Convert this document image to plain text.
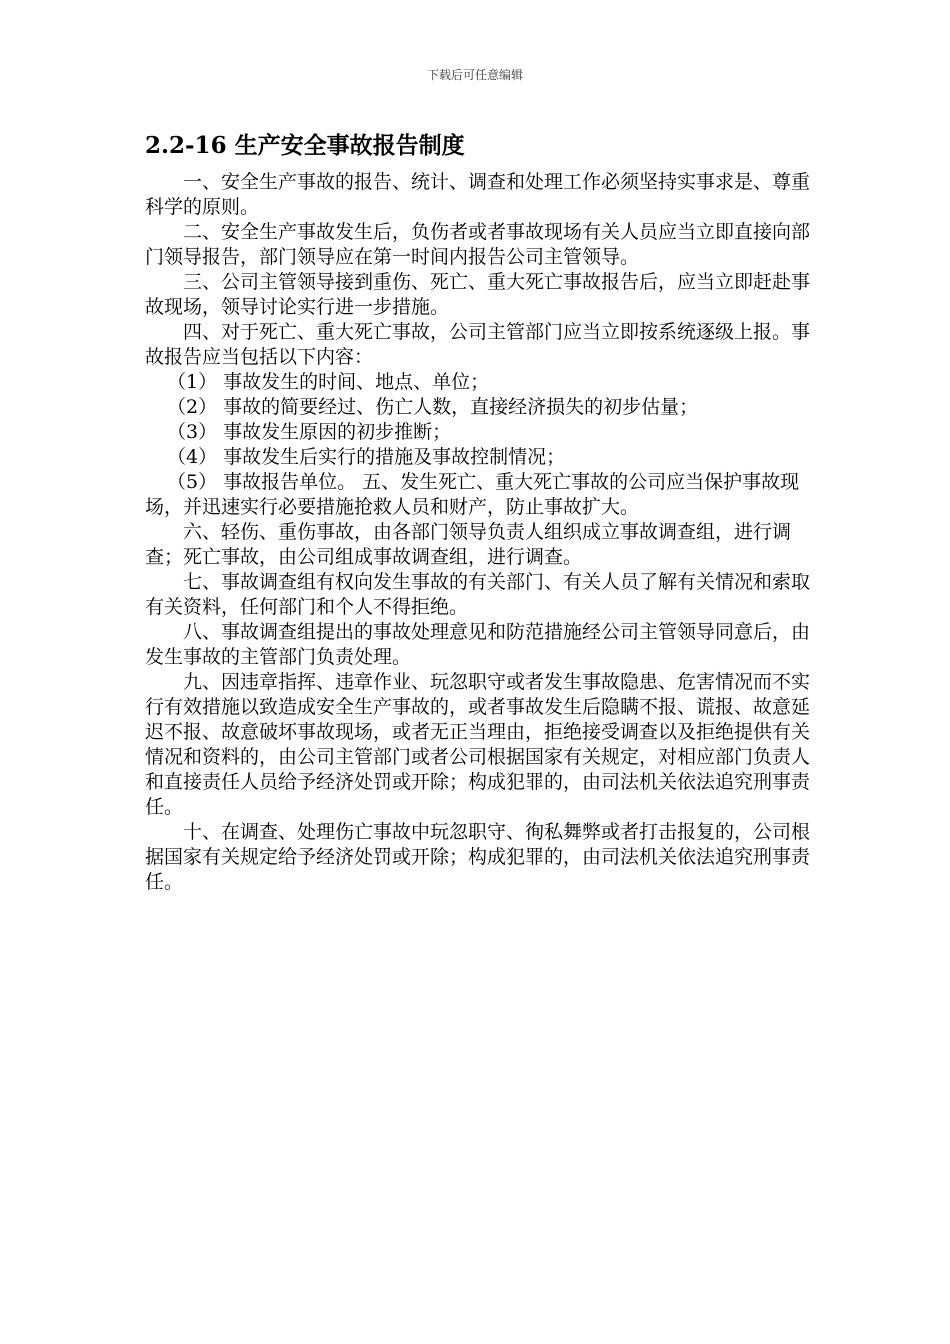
下载后可任意编辑
2.2-16 生产安全事故报告制度

一、安全生产事故的报告、统计、调查和处理工作必须坚持实事求是、尊重科学的原则。

二、安全生产事故发生后，负伤者或者事故现场有关人员应当立即直接向部门领导报告，部门领导应在第一时间内报告公司主管领导。

三、公司主管领导接到重伤、死亡、重大死亡事故报告后，应当立即赶赴事故现场，领导讨论实行进一步措施。

四、对于死亡、重大死亡事故，公司主管部门应当立即按系统逐级上报。事故报告应当包括以下内容：

（1） 事故发生的时间、地点、单位；

（2） 事故的简要经过、伤亡人数，直接经济损失的初步估量；

（3） 事故发生原因的初步推断；

（4） 事故发生后实行的措施及事故控制情况；

（5） 事故报告单位。 五、发生死亡、重大死亡事故的公司应当保护事故现场，并迅速实行必要措施抢救人员和财产，防止事故扩大。

六、轻伤、重伤事故，由各部门领导负责人组织成立事故调查组，进行调查；死亡事故，由公司组成事故调查组，进行调查。

七、事故调查组有权向发生事故的有关部门、有关人员了解有关情况和索取有关资料，任何部门和个人不得拒绝。

八、事故调查组提出的事故处理意见和防范措施经公司主管领导同意后，由发生事故的主管部门负责处理。

九、因违章指挥、违章作业、玩忽职守或者发生事故隐患、危害情况而不实行有效措施以致造成安全生产事故的，或者事故发生后隐瞒不报、谎报、故意延迟不报、故意破坏事故现场，或者无正当理由，拒绝接受调查以及拒绝提供有关情况和资料的，由公司主管部门或者公司根据国家有关规定，对相应部门负责人和直接责任人员给予经济处罚或开除；构成犯罪的，由司法机关依法追究刑事责任。

十、在调查、处理伤亡事故中玩忽职守、徇私舞弊或者打击报复的，公司根据国家有关规定给予经济处罚或开除；构成犯罪的，由司法机关依法追究刑事责任。
